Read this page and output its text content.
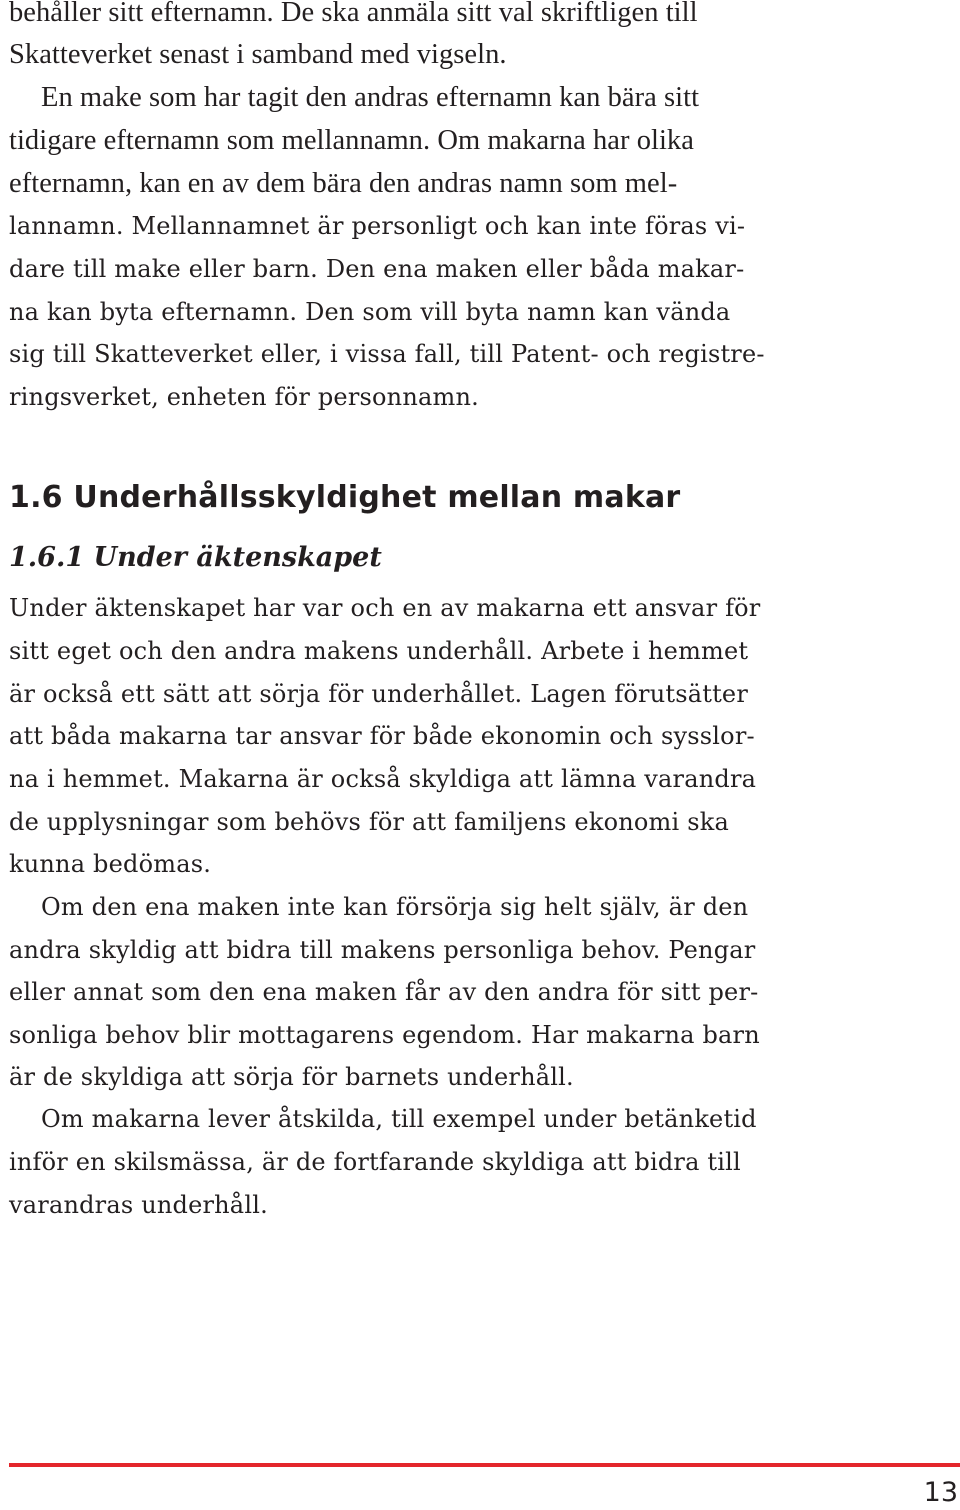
behåller sitt efternamn. De ska anmäla sitt val skriftligen till
Skatteverket senast i samband med vigseln.
En make som har tagit den andras efternamn kan bära sitt
tidigare efternamn som mellannamn. Om makarna har olika
efternamn, kan en av dem bära den andras namn som mel-
lannamn. Mellannamnet är personligt och kan inte föras vi-
dare till make eller barn. Den ena maken eller båda makar-
na kan byta efternamn. Den som vill byta namn kan vända
sig till Skatteverket eller, i vissa fall, till Patent- och registre-
ringsverket, enheten för personnamn.
1.6 Underhållsskyldighet mellan makar
1.6.1 Under äktenskapet
Under äktenskapet har var och en av makarna ett ansvar för
sitt eget och den andra makens underhåll. Arbete i hemmet
är också ett sätt att sörja för underhållet. Lagen förutsätter
att båda makarna tar ansvar för både ekonomin och sysslor-
na i hemmet. Makarna är också skyldiga att lämna varandra
de upplysningar som behövs för att familjens ekonomi ska
kunna bedömas.
Om den ena maken inte kan försörja sig helt själv, är den
andra skyldig att bidra till makens personliga behov. Pengar
eller annat som den ena maken får av den andra för sitt per-
sonliga behov blir mottagarens egendom. Har makarna barn
är de skyldiga att sörja för barnets underhåll.
Om makarna lever åtskilda, till exempel under betänketid
inför en skilsmässa, är de fortfarande skyldiga att bidra till
varandras underhåll.
13
